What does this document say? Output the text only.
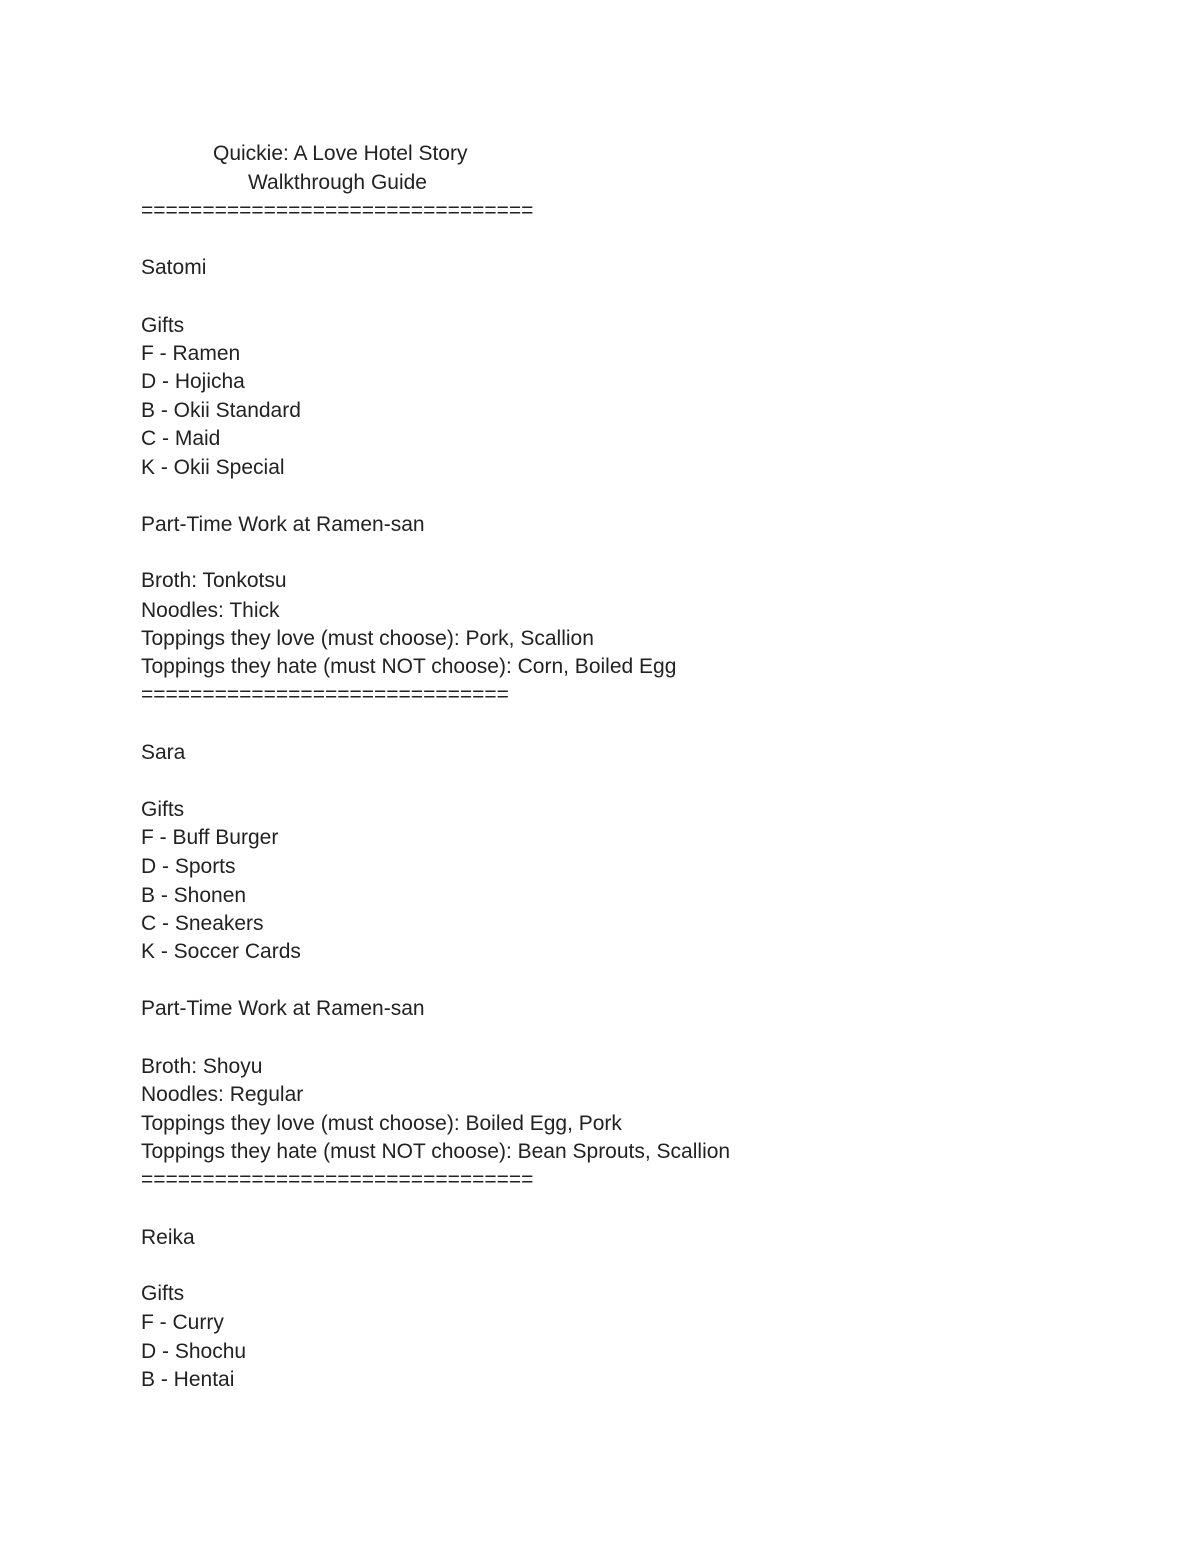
Quickie: A Love Hotel Story
Walkthrough Guide
================================
Satomi
Gifts
F - Ramen
D - Hojicha
B - Okii Standard
C - Maid
K - Okii Special
Part-Time Work at Ramen-san
Broth: Tonkotsu
Noodles: Thick
Toppings they love (must choose): Pork, Scallion
Toppings they hate (must NOT choose): Corn, Boiled Egg
==============================
Sara
Gifts
F - Buff Burger
D - Sports
B - Shonen
C - Sneakers
K - Soccer Cards
Part-Time Work at Ramen-san
Broth: Shoyu
Noodles: Regular
Toppings they love (must choose): Boiled Egg, Pork
Toppings they hate (must NOT choose): Bean Sprouts, Scallion
================================
Reika
Gifts
F - Curry
D - Shochu
B - Hentai
